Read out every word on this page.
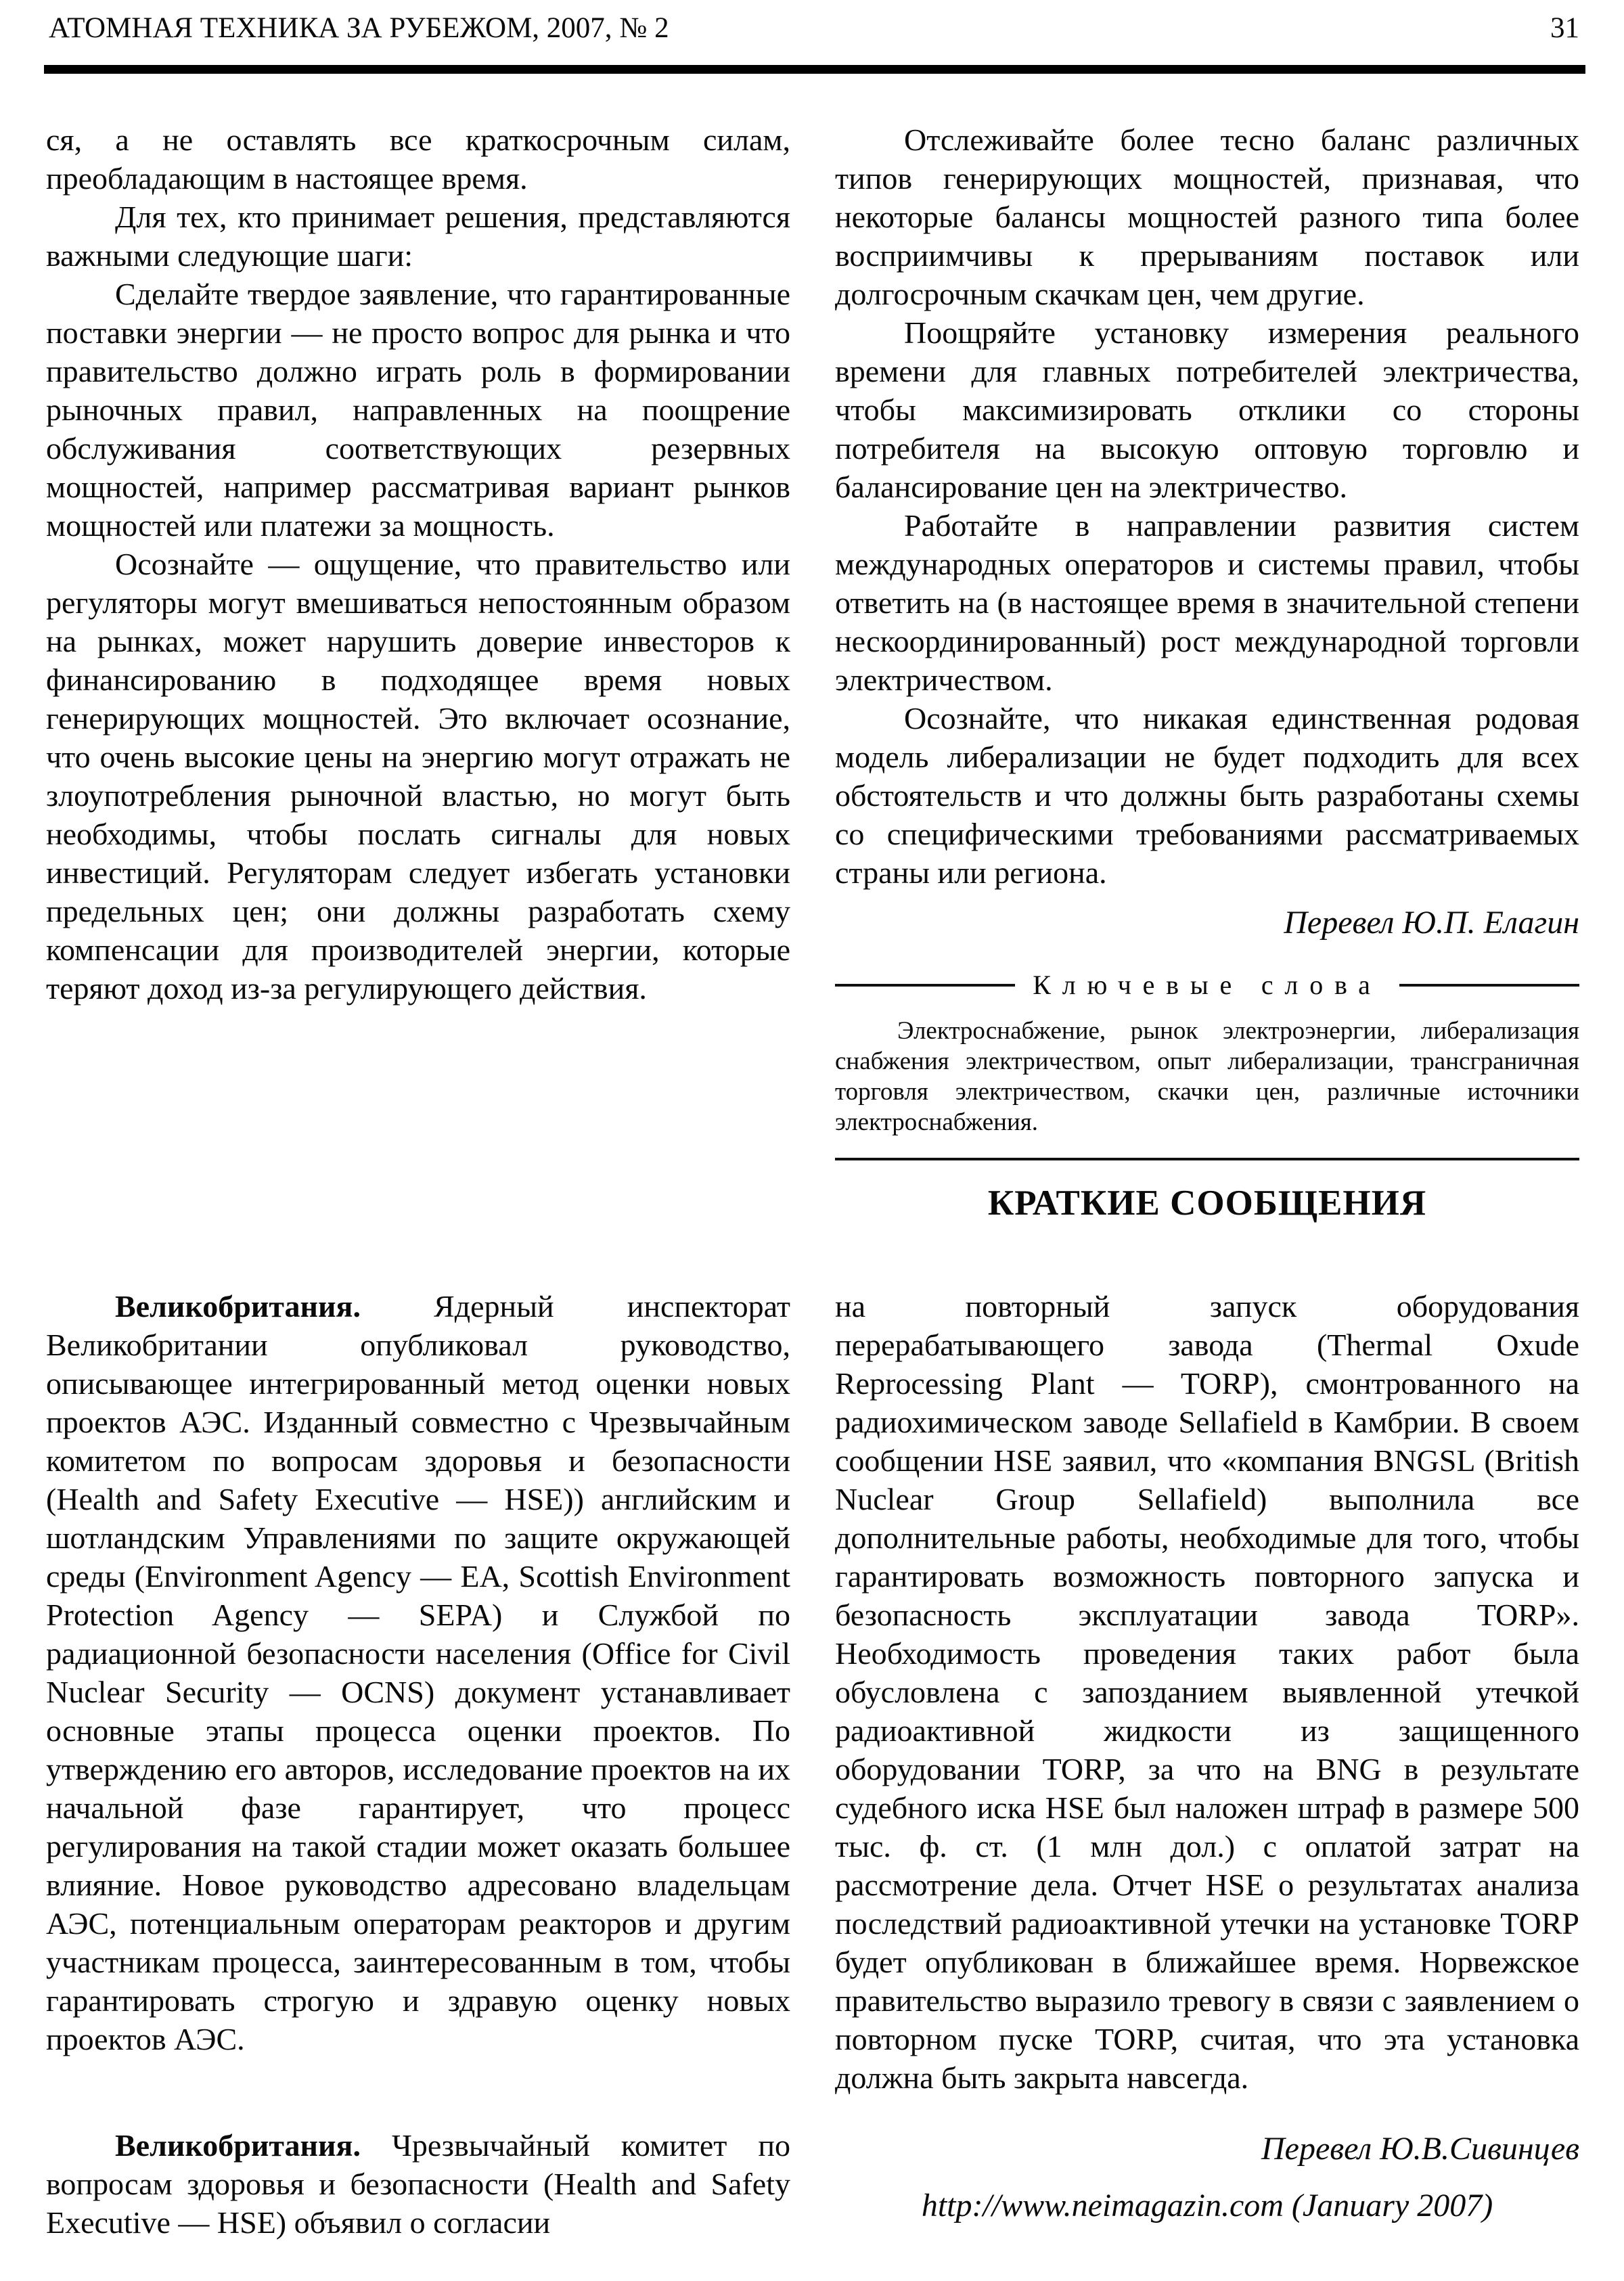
АТОМНАЯ ТЕХНИКА ЗА РУБЕЖОМ, 2007, № 2	31

ся, а не оставлять все краткосрочным силам, преобладающим в настоящее время.

Для тех, кто принимает решения, представляются важными следующие шаги:

Сделайте твердое заявление, что гарантированные поставки энергии — не просто вопрос для рынка и что правительство должно играть роль в формировании рыночных правил, направленных на поощрение обслуживания соответствующих резервных мощностей, например рассматривая вариант рынков мощностей или платежи за мощность.

Осознайте — ощущение, что правительство или регуляторы могут вмешиваться непостоянным образом на рынках, может нарушить доверие инвесторов к финансированию в подходящее время новых генерирующих мощностей. Это включает осознание, что очень высокие цены на энергию могут отражать не злоупотребления рыночной властью, но могут быть необходимы, чтобы послать сигналы для новых инвестиций. Регуляторам следует избегать установки предельных цен; они должны разработать схему компенсации для производителей энергии, которые теряют доход из-за регулирующего действия.

Великобритания. Ядерный инспекторат Великобритании опубликовал руководство, описывающее интегрированный метод оценки новых проектов АЭС. Изданный совместно с Чрезвычайным комитетом по вопросам здоровья и безопасности (Health and Safety Executive — HSE)) английским и шотландским Управлениями по защите окружающей среды (Environment Agency — EA, Scottish Environment Protection Agency — SEPA) и Службой по радиационной безопасности населения (Office for Civil Nuclear Security — OCNS) документ устанавливает основные этапы процесса оценки проектов. По утверждению его авторов, исследование проектов на их начальной фазе гарантирует, что процесс регулирования на такой стадии может оказать большее влияние. Новое руководство адресовано владельцам АЭС, потенциальным операторам реакторов и другим участникам процесса, заинтересованным в том, чтобы гарантировать строгую и здравую оценку новых проектов АЭС.

Великобритания. Чрезвычайный комитет по вопросам здоровья и безопасности (Health and Safety Executive — HSE) объявил о согласии

Отслеживайте более тесно баланс различных типов генерирующих мощностей, признавая, что некоторые балансы мощностей разного типа более восприимчивы к прерываниям поставок или долгосрочным скачкам цен, чем другие.

Поощряйте установку измерения реального времени для главных потребителей электричества, чтобы максимизировать отклики со стороны потребителя на высокую оптовую торговлю и балансирование цен на электричество.

Работайте в направлении развития систем международных операторов и системы правил, чтобы ответить на (в настоящее время в значительной степени нескоординированный) рост международной торговли электричеством.

Осознайте, что никакая единственная родовая модель либерализации не будет подходить для всех обстоятельств и что должны быть разработаны схемы со специфическими требованиями рассматриваемых страны или региона.

Перевел Ю.П. Елагин
Ключевые слова

Электроснабжение, рынок электроэнергии, либерализация снабжения электричеством, опыт либерализации, трансграничная торговля электричеством, скачки цен, различные источники электроснабжения.

КРАТКИЕ СООБЩЕНИЯ

на повторный запуск оборудования перерабатывающего завода (Thermal Oxude Reprocessing Plant — TORP), смонтрованного на радиохимическом заводе Sellafield в Камбрии. В своем сообщении HSE заявил, что «компания BNGSL (British Nuclear Group Sellafield) выполнила все дополнительные работы, необходимые для того, чтобы гарантировать возможность повторного запуска и безопасность эксплуатации завода TORP». Необходимость проведения таких работ была обусловлена с запозданием выявленной утечкой радиоактивной жидкости из защищенного оборудовании TORP, за что на BNG в результате судебного иска HSE был наложен штраф в размере 500 тыс. ф. ст. (1 млн дол.) с оплатой затрат на рассмотрение дела. Отчет HSE о результатах анализа последствий радиоактивной утечки на установке TORP будет опубликован в ближайшее время. Норвежское правительство выразило тревогу в связи с заявлением о повторном пуске TORP, считая, что эта установка должна быть закрыта навсегда.

Перевел Ю.В.Сивинцев
http://www.neimagazin.com (January 2007)
